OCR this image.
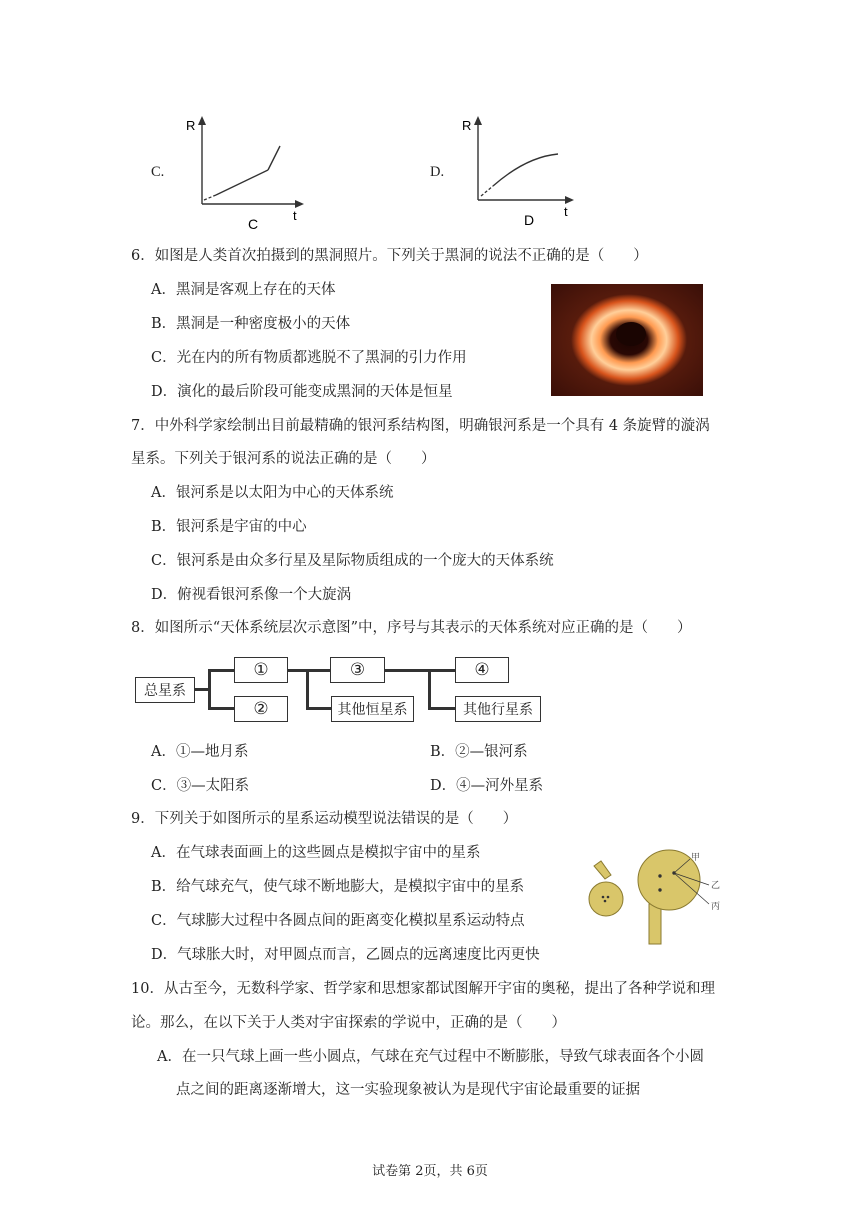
C.
R
t
C
D.
R
t
D
6．如图是人类首次拍摄到的黑洞照片。下列关于黑洞的说法不正确的是（　　）
A．黑洞是客观上存在的天体
B．黑洞是一种密度极小的天体
C．光在内的所有物质都逃脱不了黑洞的引力作用
D．演化的最后阶段可能变成黑洞的天体是恒星
7．中外科学家绘制出目前最精确的银河系结构图，明确银河系是一个具有 4 条旋臂的漩涡
星系。下列关于银河系的说法正确的是（　　）
A．银河系是以太阳为中心的天体系统
B．银河系是宇宙的中心
C．银河系是由众多行星及星际物质组成的一个庞大的天体系统
D．俯视看银河系像一个大旋涡
8．如图所示“天体系统层次示意图”中，序号与其表示的天体系统对应正确的是（　　）
总星系
①
②
③
其他恒星系
④
其他行星系
A．①—地月系	B．②—银河系
C．③—太阳系	D．④—河外星系
9．下列关于如图所示的星系运动模型说法错误的是（　　）
A．在气球表面画上的这些圆点是模拟宇宙中的星系
B．给气球充气，使气球不断地膨大，是模拟宇宙中的星系
C．气球膨大过程中各圆点间的距离变化模拟星系运动特点
D．气球胀大时，对甲圆点而言，乙圆点的远离速度比丙更快
甲
乙
丙
10．从古至今，无数科学家、哲学家和思想家都试图解开宇宙的奥秘，提出了各种学说和理
论。那么，在以下关于人类对宇宙探索的学说中，正确的是（　　）
A．在一只气球上画一些小圆点，气球在充气过程中不断膨胀，导致气球表面各个小圆
点之间的距离逐渐增大，这一实验现象被认为是现代宇宙论最重要的证据
试卷第 2页，共 6页
